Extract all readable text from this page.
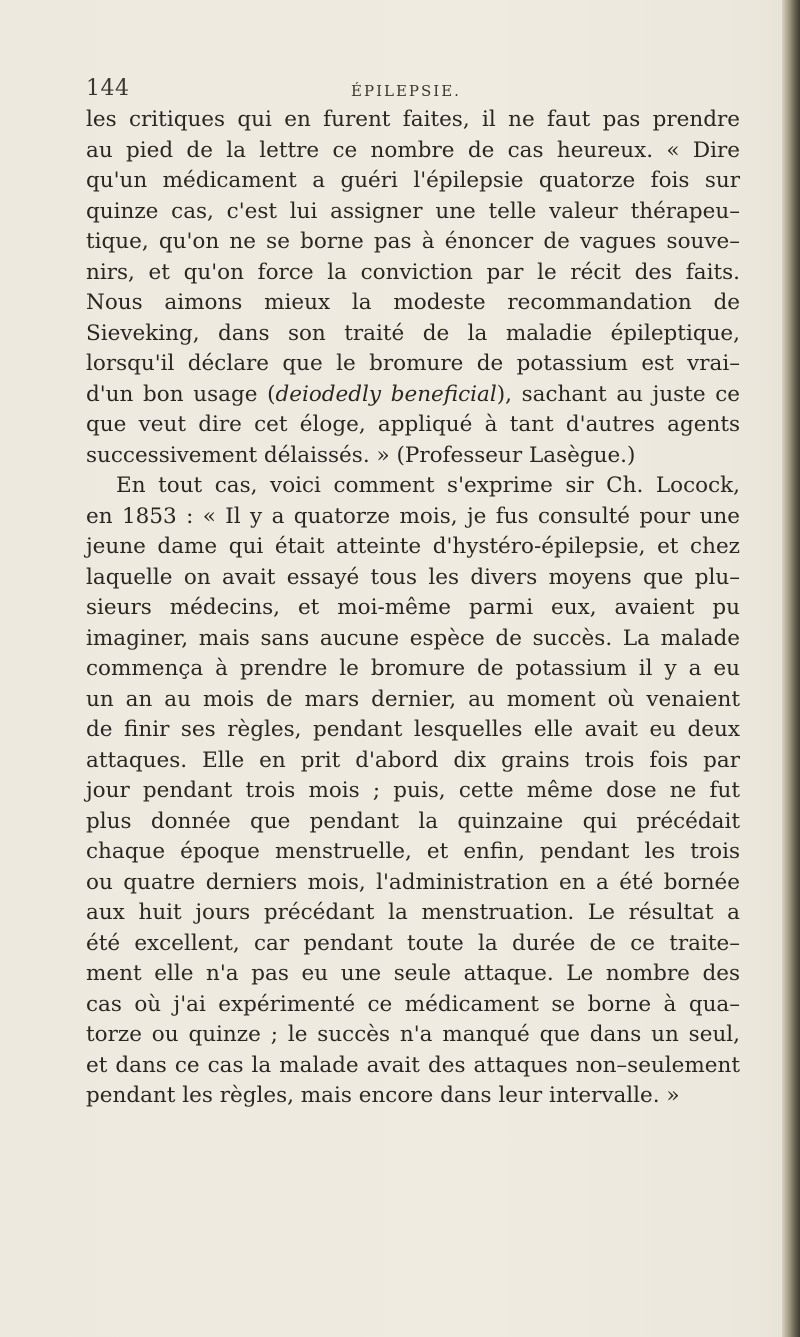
144	ÉPILEPSIE.
les critiques qui en furent faites, il ne faut pas prendre
au pied de la lettre ce nombre de cas heureux. « Dire
qu'un médicament a guéri l'épilepsie quatorze fois sur
quinze cas, c'est lui assigner une telle valeur thérapeu–
tique, qu'on ne se borne pas à énoncer de vagues souve–
nirs, et qu'on force la conviction par le récit des faits.
Nous aimons mieux la modeste recommandation de
Sieveking, dans son traité de la maladie épileptique,
lorsqu'il déclare que le bromure de potassium est vrai–
d'un bon usage (deiodedly beneficial), sachant au juste ce
que veut dire cet éloge, appliqué à tant d'autres agents
successivement délaissés. » (Professeur Lasègue.)
En tout cas, voici comment s'exprime sir Ch. Locock,
en 1853 : « Il y a quatorze mois, je fus consulté pour une
jeune dame qui était atteinte d'hystéro-épilepsie, et chez
laquelle on avait essayé tous les divers moyens que plu–
sieurs médecins, et moi-même parmi eux, avaient pu
imaginer, mais sans aucune espèce de succès. La malade
commença à prendre le bromure de potassium il y a eu
un an au mois de mars dernier, au moment où venaient
de finir ses règles, pendant lesquelles elle avait eu deux
attaques. Elle en prit d'abord dix grains trois fois par
jour pendant trois mois ; puis, cette même dose ne fut
plus donnée que pendant la quinzaine qui précédait
chaque époque menstruelle, et enfin, pendant les trois
ou quatre derniers mois, l'administration en a été bornée
aux huit jours précédant la menstruation. Le résultat a
été excellent, car pendant toute la durée de ce traite–
ment elle n'a pas eu une seule attaque. Le nombre des
cas où j'ai expérimenté ce médicament se borne à qua–
torze ou quinze ; le succès n'a manqué que dans un seul,
et dans ce cas la malade avait des attaques non–seulement
pendant les règles, mais encore dans leur intervalle. »
